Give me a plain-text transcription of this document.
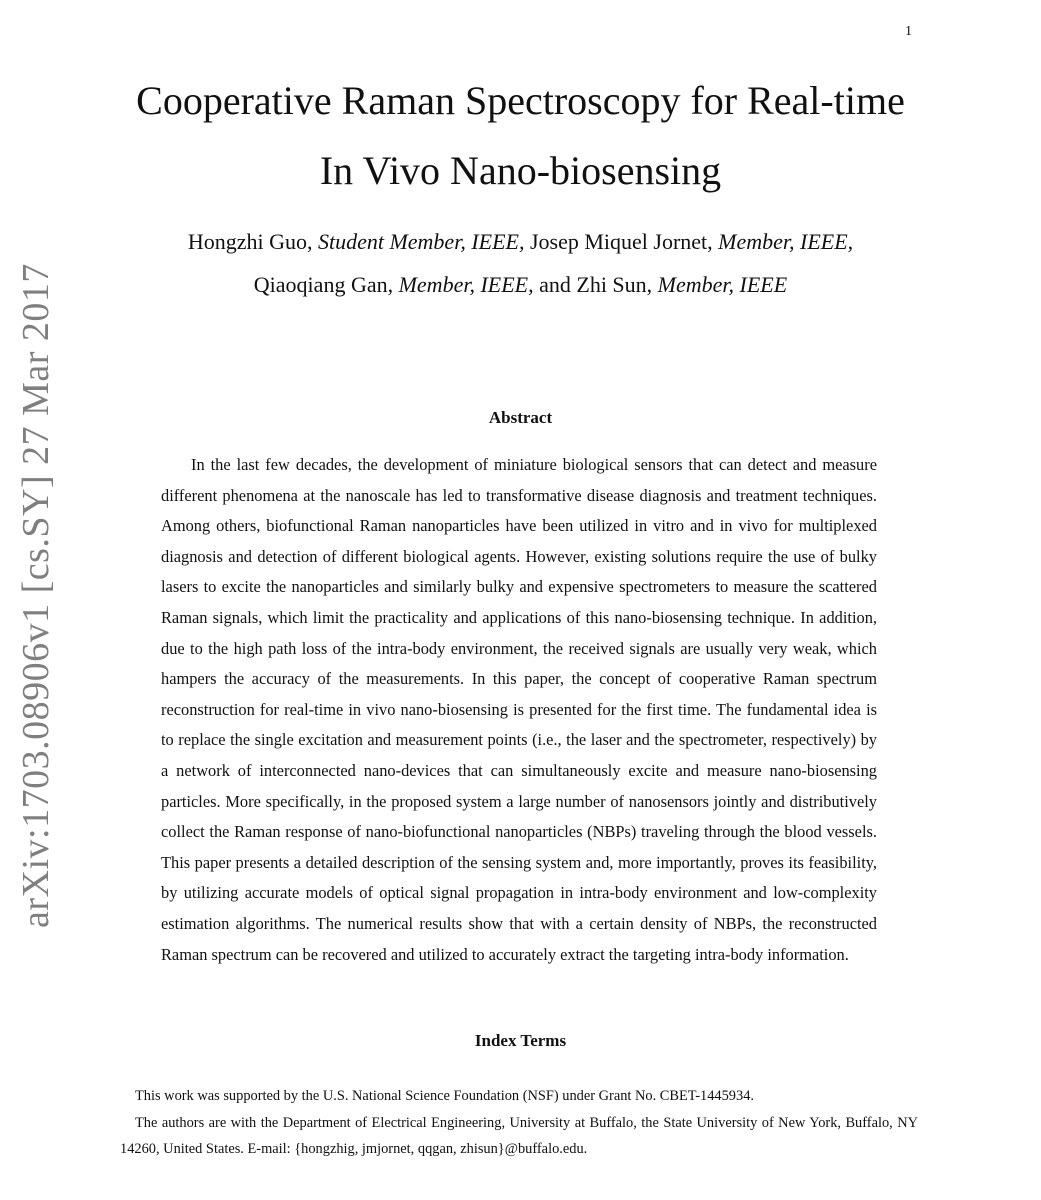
1
arXiv:1703.08906v1 [cs.SY] 27 Mar 2017
Cooperative Raman Spectroscopy for Real-time
In Vivo Nano-biosensing
Hongzhi Guo, Student Member, IEEE, Josep Miquel Jornet, Member, IEEE,
Qiaoqiang Gan, Member, IEEE, and Zhi Sun, Member, IEEE
Abstract

In the last few decades, the development of miniature biological sensors that can detect and measure different phenomena at the nanoscale has led to transformative disease diagnosis and treatment techniques. Among others, biofunctional Raman nanoparticles have been utilized in vitro and in vivo for multiplexed diagnosis and detection of different biological agents. However, existing solutions require the use of bulky lasers to excite the nanoparticles and similarly bulky and expensive spectrometers to measure the scattered Raman signals, which limit the practicality and applications of this nano-biosensing technique. In addition, due to the high path loss of the intra-body environment, the received signals are usually very weak, which hampers the accuracy of the measurements. In this paper, the concept of cooperative Raman spectrum reconstruction for real-time in vivo nano-biosensing is presented for the first time. The fundamental idea is to replace the single excitation and measurement points (i.e., the laser and the spectrometer, respectively) by a network of interconnected nano-devices that can simultaneously excite and measure nano-biosensing particles. More specifically, in the proposed system a large number of nanosensors jointly and distributively collect the Raman response of nano-biofunctional nanoparticles (NBPs) traveling through the blood vessels. This paper presents a detailed description of the sensing system and, more importantly, proves its feasibility, by utilizing accurate models of optical signal propagation in intra-body environment and low-complexity estimation algorithms. The numerical results show that with a certain density of NBPs, the reconstructed Raman spectrum can be recovered and utilized to accurately extract the targeting intra-body information.

Index Terms

This work was supported by the U.S. National Science Foundation (NSF) under Grant No. CBET-1445934.

The authors are with the Department of Electrical Engineering, University at Buffalo, the State University of New York, Buffalo, NY 14260, United States. E-mail: {hongzhig, jmjornet, qqgan, zhisun}@buffalo.edu.
